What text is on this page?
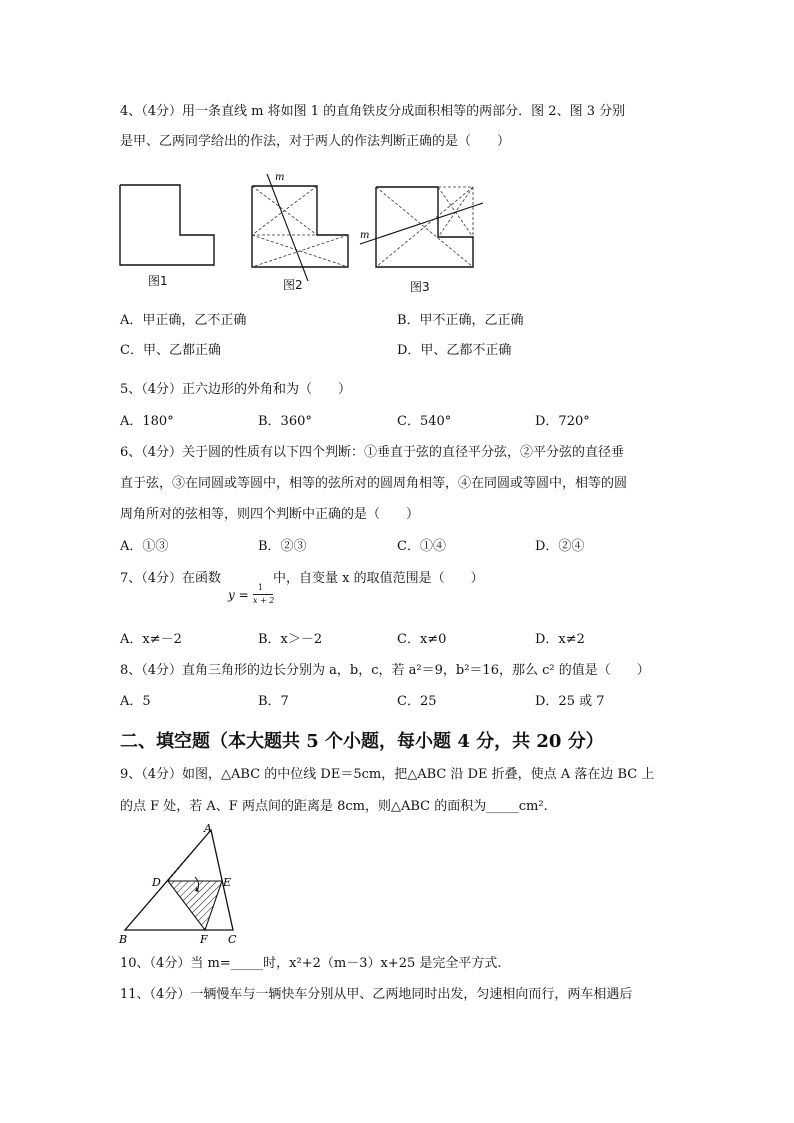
4、（4分）用一条直线 m 将如图 1 的直角铁皮分成面积相等的两部分．图 2、图 3 分别
是甲、乙两同学给出的作法，对于两人的作法判断正确的是（　　）
图1
m
图2
m
图3
A．甲正确，乙不正确	B．甲不正确，乙正确
C．甲、乙都正确	D．甲、乙都不正确
5、（4分）正六边形的外角和为（　　）
A．180°	B．360°	C．540°	D．720°
6、（4分）关于圆的性质有以下四个判断：①垂直于弦的直径平分弦，②平分弦的直径垂
直于弦，③在同圆或等圆中，相等的弦所对的圆周角相等，④在同圆或等圆中，相等的圆
周角所对的弦相等，则四个判断中正确的是（　　）
A．①③	B．②③	C．①④	D．②④
7、（4分）在函数	中，自变量 x 的取值范围是（　　）
y =
1
x + 2
A．x≠－2	B．x＞－2	C．x≠0	D．x≠2
8、（4分）直角三角形的边长分别为 a，b，c，若 a²＝9，b²＝16，那么 c² 的值是（　　）
A．5	B．7	C．25	D．25 或 7
二、填空题（本大题共 5 个小题，每小题 4 分，共 20 分）
9、（4分）如图，△ABC 的中位线 DE＝5cm，把△ABC 沿 DE 折叠，使点 A 落在边 BC 上
的点 F 处，若 A、F 两点间的距离是 8cm，则△ABC 的面积为_____cm².
A
D	E
B	F C
10、（4分）当 m=_____时，x²+2（m－3）x+25 是完全平方式.
11、（4分）一辆慢车与一辆快车分别从甲、乙两地同时出发，匀速相向而行，两车相遇后
